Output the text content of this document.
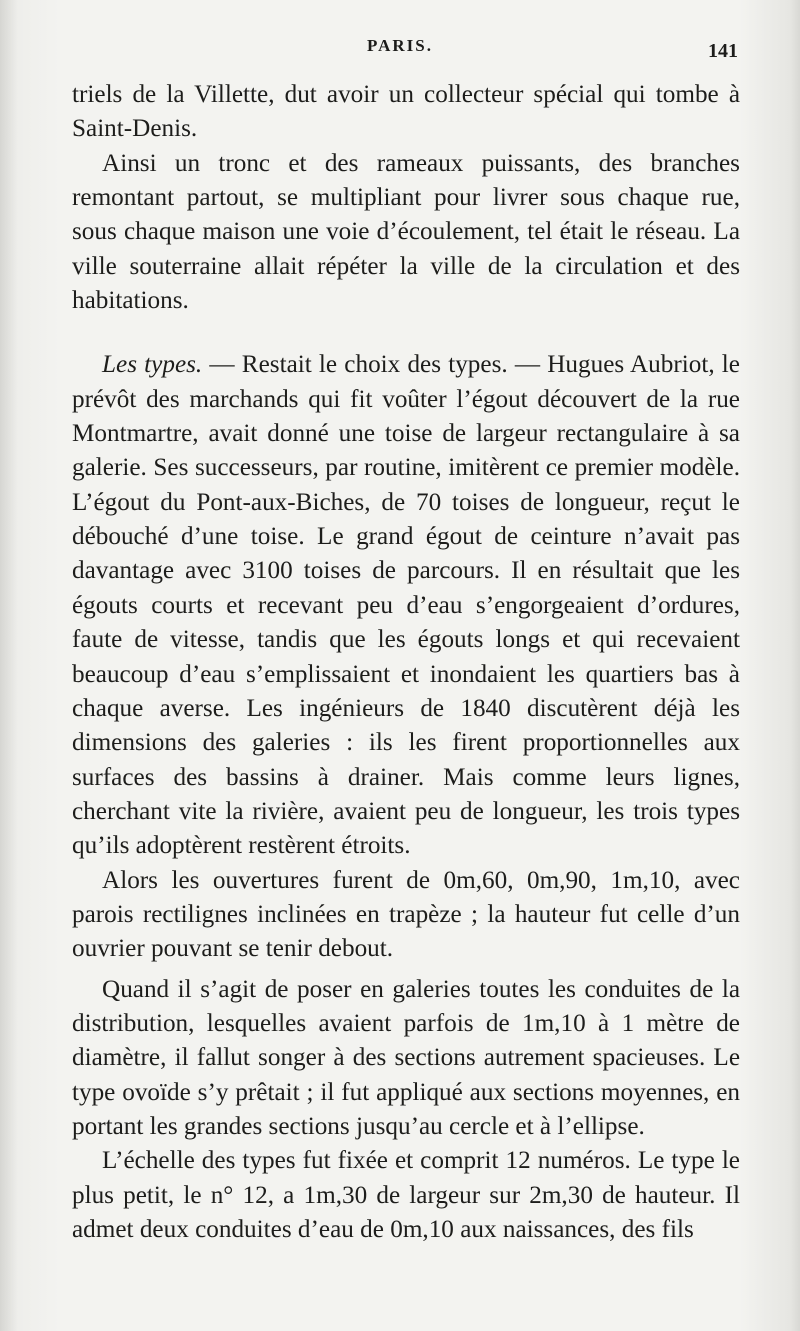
PARIS.	141

triels de la Villette, dut avoir un collecteur spécial qui tombe à Saint-Denis.

Ainsi un tronc et des rameaux puissants, des branches remontant partout, se multipliant pour livrer sous chaque rue, sous chaque maison une voie d’écoulement, tel était le réseau. La ville souterraine allait répéter la ville de la circulation et des habitations.

Les types. — Restait le choix des types. — Hugues Aubriot, le prévôt des marchands qui fit voûter l’égout découvert de la rue Montmartre, avait donné une toise de largeur rectangulaire à sa galerie. Ses successeurs, par routine, imitèrent ce premier modèle. L’égout du Pont-aux-Biches, de 70 toises de longueur, reçut le débouché d’une toise. Le grand égout de ceinture n’avait pas davantage avec 3100 toises de parcours. Il en résultait que les égouts courts et recevant peu d’eau s’engorgeaient d’ordures, faute de vitesse, tandis que les égouts longs et qui recevaient beaucoup d’eau s’emplissaient et inondaient les quartiers bas à chaque averse. Les ingénieurs de 1840 discutèrent déjà les dimensions des galeries : ils les firent proportionnelles aux surfaces des bassins à drainer. Mais comme leurs lignes, cherchant vite la rivière, avaient peu de longueur, les trois types qu’ils adoptèrent restèrent étroits.

Alors les ouvertures furent de 0m,60, 0m,90, 1m,10, avec parois rectilignes inclinées en trapèze ; la hauteur fut celle d’un ouvrier pouvant se tenir debout.

Quand il s’agit de poser en galeries toutes les conduites de la distribution, lesquelles avaient parfois de 1m,10 à 1 mètre de diamètre, il fallut songer à des sections autrement spacieuses. Le type ovoïde s’y prêtait ; il fut appliqué aux sections moyennes, en portant les grandes sections jusqu’au cercle et à l’ellipse.

L’échelle des types fut fixée et comprit 12 numéros. Le type le plus petit, le n° 12, a 1m,30 de largeur sur 2m,30 de hauteur. Il admet deux conduites d’eau de 0m,10 aux naissances, des fils
